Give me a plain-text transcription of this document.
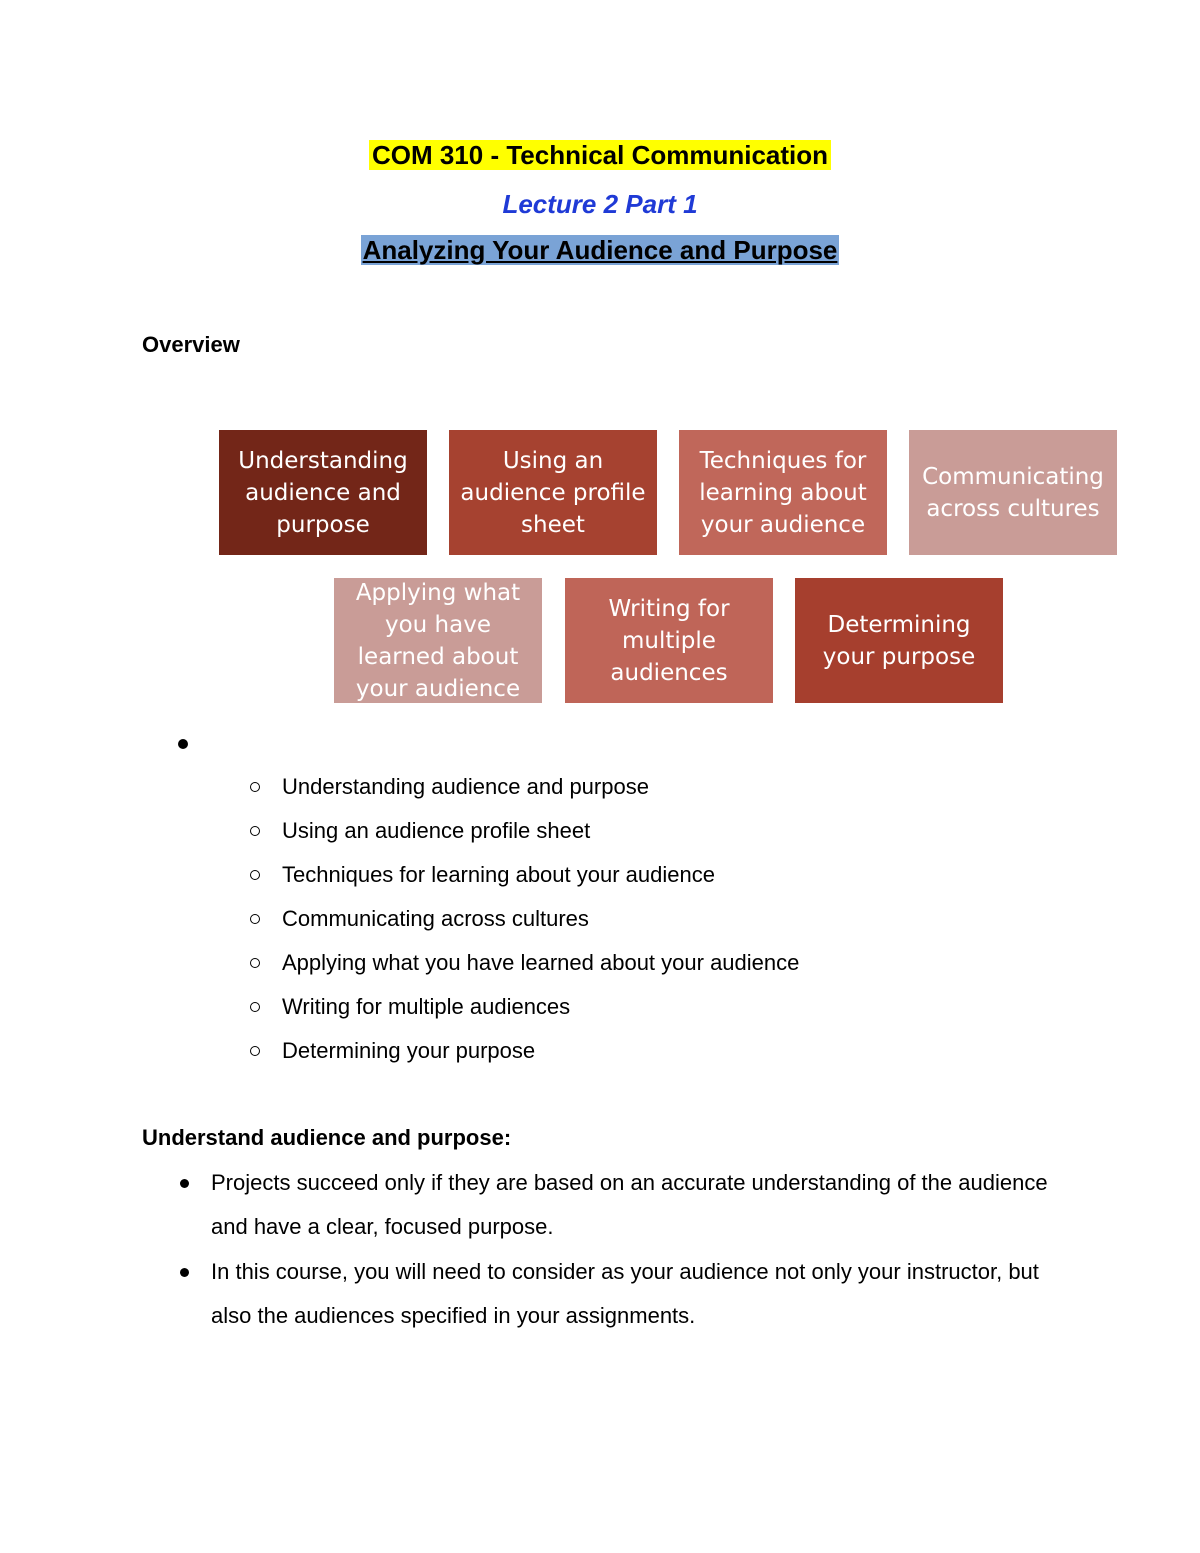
COM 310 - Technical Communication
Lecture 2 Part 1
Analyzing Your Audience and Purpose
Overview
Understanding audience and purpose
Using an audience profile sheet
Techniques for learning about your audience
Communicating across cultures
Applying what you have learned about your audience
Writing for multiple audiences
Determining your purpose
Understanding audience and purpose
Using an audience profile sheet
Techniques for learning about your audience
Communicating across cultures
Applying what you have learned about your audience
Writing for multiple audiences
Determining your purpose
Understand audience and purpose:
Projects succeed only if they are based on an accurate understanding of the audience and have a clear, focused purpose.
In this course, you will need to consider as your audience not only your instructor, but also the audiences specified in your assignments.
